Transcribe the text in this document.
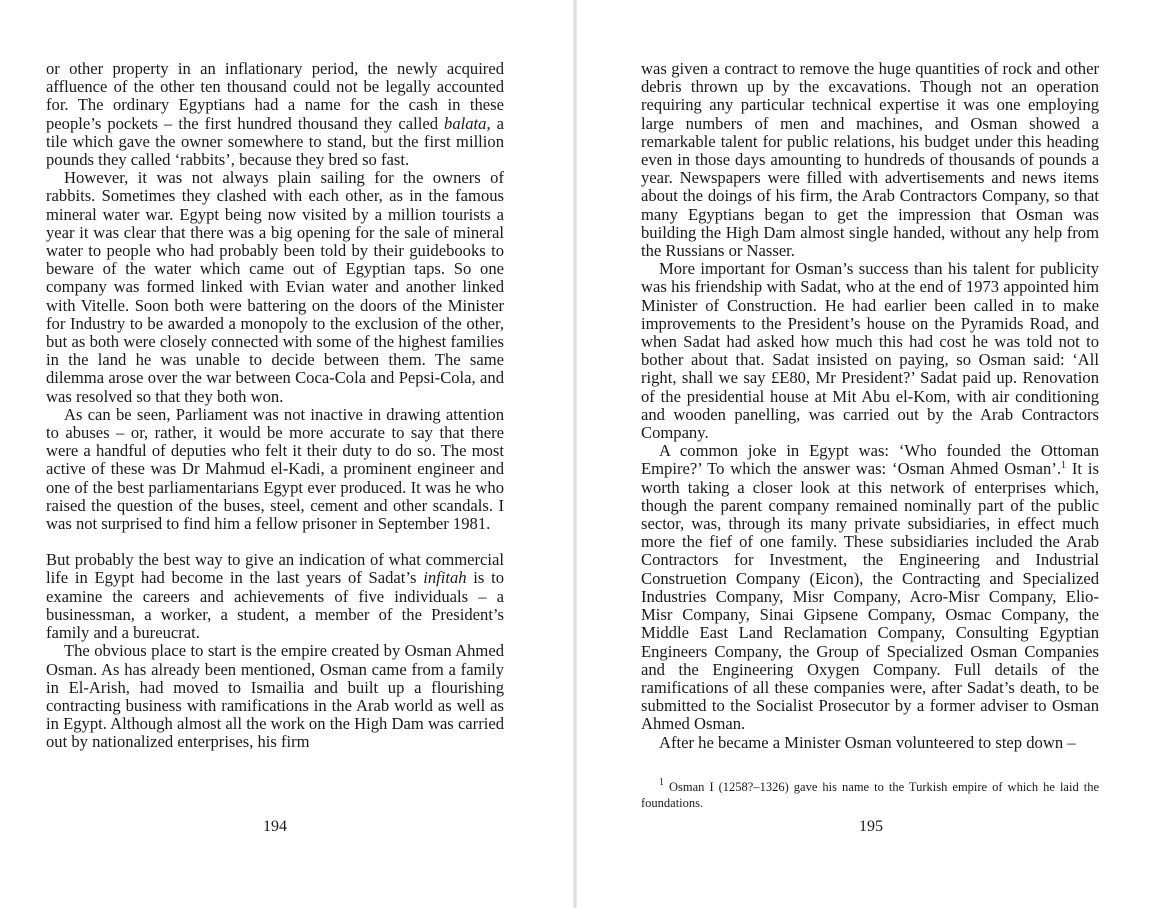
or other property in an inflationary period, the newly acquired affluence of the other ten thousand could not be legally accounted for. The ordinary Egyptians had a name for the cash in these people’s pockets – the first hundred thousand they called balata, a tile which gave the owner somewhere to stand, but the first million pounds they called ‘rabbits’, because they bred so fast.

However, it was not always plain sailing for the owners of rabbits. Sometimes they clashed with each other, as in the famous mineral water war. Egypt being now visited by a million tourists a year it was clear that there was a big opening for the sale of mineral water to people who had probably been told by their guidebooks to beware of the water which came out of Egyptian taps. So one company was formed linked with Evian water and another linked with Vitelle. Soon both were battering on the doors of the Minister for Industry to be awarded a monopoly to the exclusion of the other, but as both were closely connected with some of the highest families in the land he was unable to decide between them. The same dilemma arose over the war between Coca-Cola and Pepsi-Cola, and was resolved so that they both won.

As can be seen, Parliament was not inactive in drawing attention to abuses – or, rather, it would be more accurate to say that there were a handful of deputies who felt it their duty to do so. The most active of these was Dr Mahmud el-Kadi, a prominent engineer and one of the best parliamentarians Egypt ever produced. It was he who raised the question of the buses, steel, cement and other scandals. I was not surprised to find him a fellow prisoner in September 1981.

But probably the best way to give an indication of what commercial life in Egypt had become in the last years of Sadat’s infitah is to examine the careers and achievements of five individuals – a businessman, a worker, a student, a member of the President’s family and a bureucrat.

The obvious place to start is the empire created by Osman Ahmed Osman. As has already been mentioned, Osman came from a family in El-Arish, had moved to Ismailia and built up a flourishing contracting business with ramifications in the Arab world as well as in Egypt. Although almost all the work on the High Dam was carried out by nationalized enterprises, his firm

194

was given a contract to remove the huge quantities of rock and other debris thrown up by the excavations. Though not an operation requiring any particular technical expertise it was one employing large numbers of men and machines, and Osman showed a remarkable talent for public relations, his budget under this heading even in those days amounting to hundreds of thousands of pounds a year. Newspapers were filled with advertisements and news items about the doings of his firm, the Arab Contractors Company, so that many Egyptians began to get the impression that Osman was building the High Dam almost single handed, without any help from the Russians or Nasser.

More important for Osman’s success than his talent for publicity was his friendship with Sadat, who at the end of 1973 appointed him Minister of Construction. He had earlier been called in to make improvements to the President’s house on the Pyramids Road, and when Sadat had asked how much this had cost he was told not to bother about that. Sadat insisted on paying, so Osman said: ‘All right, shall we say £E80, Mr President?’ Sadat paid up. Renovation of the presidential house at Mit Abu el-Kom, with air conditioning and wooden panelling, was carried out by the Arab Contractors Company.

A common joke in Egypt was: ‘Who founded the Ottoman Empire?’ To which the answer was: ‘Osman Ahmed Osman’.$^1$ It is worth taking a closer look at this network of enterprises which, though the parent company remained nominally part of the public sector, was, through its many private subsidiaries, in effect much more the fief of one family. These subsidiaries included the Arab Contractors for Investment, the Engineering and Industrial Construetion Company (Eicon), the Contracting and Specialized Industries Company, Misr Company, Acro-Misr Company, Elio-Misr Company, Sinai Gipsene Company, Osmac Company, the Middle East Land Reclamation Company, Consulting Egyptian Engineers Company, the Group of Specialized Osman Companies and the Engineering Oxygen Company. Full details of the ramifications of all these companies were, after Sadat’s death, to be submitted to the Socialist Prosecutor by a former adviser to Osman Ahmed Osman.

After he became a Minister Osman volunteered to step down –

$^1$ Osman I (1258?–1326) gave his name to the Turkish empire of which he laid the foundations.

195
